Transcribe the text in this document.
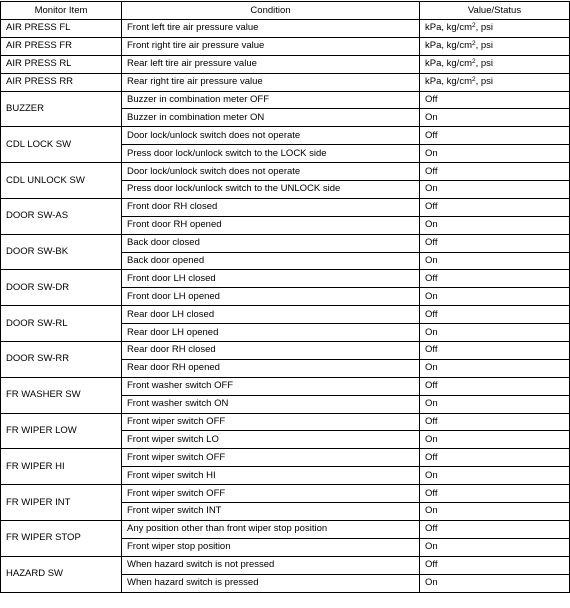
Monitor Item	Condition	Value/Status
AIR PRESS FL	Front left tire air pressure value	kPa, $kg/cm^2$, psi
AIR PRESS FR	Front right tire air pressure value	kPa, $kg/cm^2$, psi
AIR PRESS RL	Rear left tire air pressure value	kPa, $kg/cm^2$, psi
AIR PRESS RR	Rear right tire air pressure value	kPa, $kg/cm^2$, psi
BUZZER	Buzzer in combination meter OFF	Off
	Buzzer in combination meter ON	On
CDL LOCK SW	Door lock/unlock switch does not operate	Off
	Press door lock/unlock switch to the LOCK side	On
CDL UNLOCK SW	Door lock/unlock switch does not operate	Off
	Press door lock/unlock switch to the UNLOCK side	On
DOOR SW-AS	Front door RH closed	Off
	Front door RH opened	On
DOOR SW-BK	Back door closed	Off
	Back door opened	On
DOOR SW-DR	Front door LH closed	Off
	Front door LH opened	On
DOOR SW-RL	Rear door LH closed	Off
	Rear door LH opened	On
DOOR SW-RR	Rear door RH closed	Off
	Rear door RH opened	On
FR WASHER SW	Front washer switch OFF	Off
	Front washer switch ON	On
FR WIPER LOW	Front wiper switch OFF	Off
	Front wiper switch LO	On
FR WIPER HI	Front wiper switch OFF	Off
	Front wiper switch HI	On
FR WIPER INT	Front wiper switch OFF	Off
	Front wiper switch INT	On
FR WIPER STOP	Any position other than front wiper stop position	Off
	Front wiper stop position	On
HAZARD SW	When hazard switch is not pressed	Off
	When hazard switch is pressed	On
